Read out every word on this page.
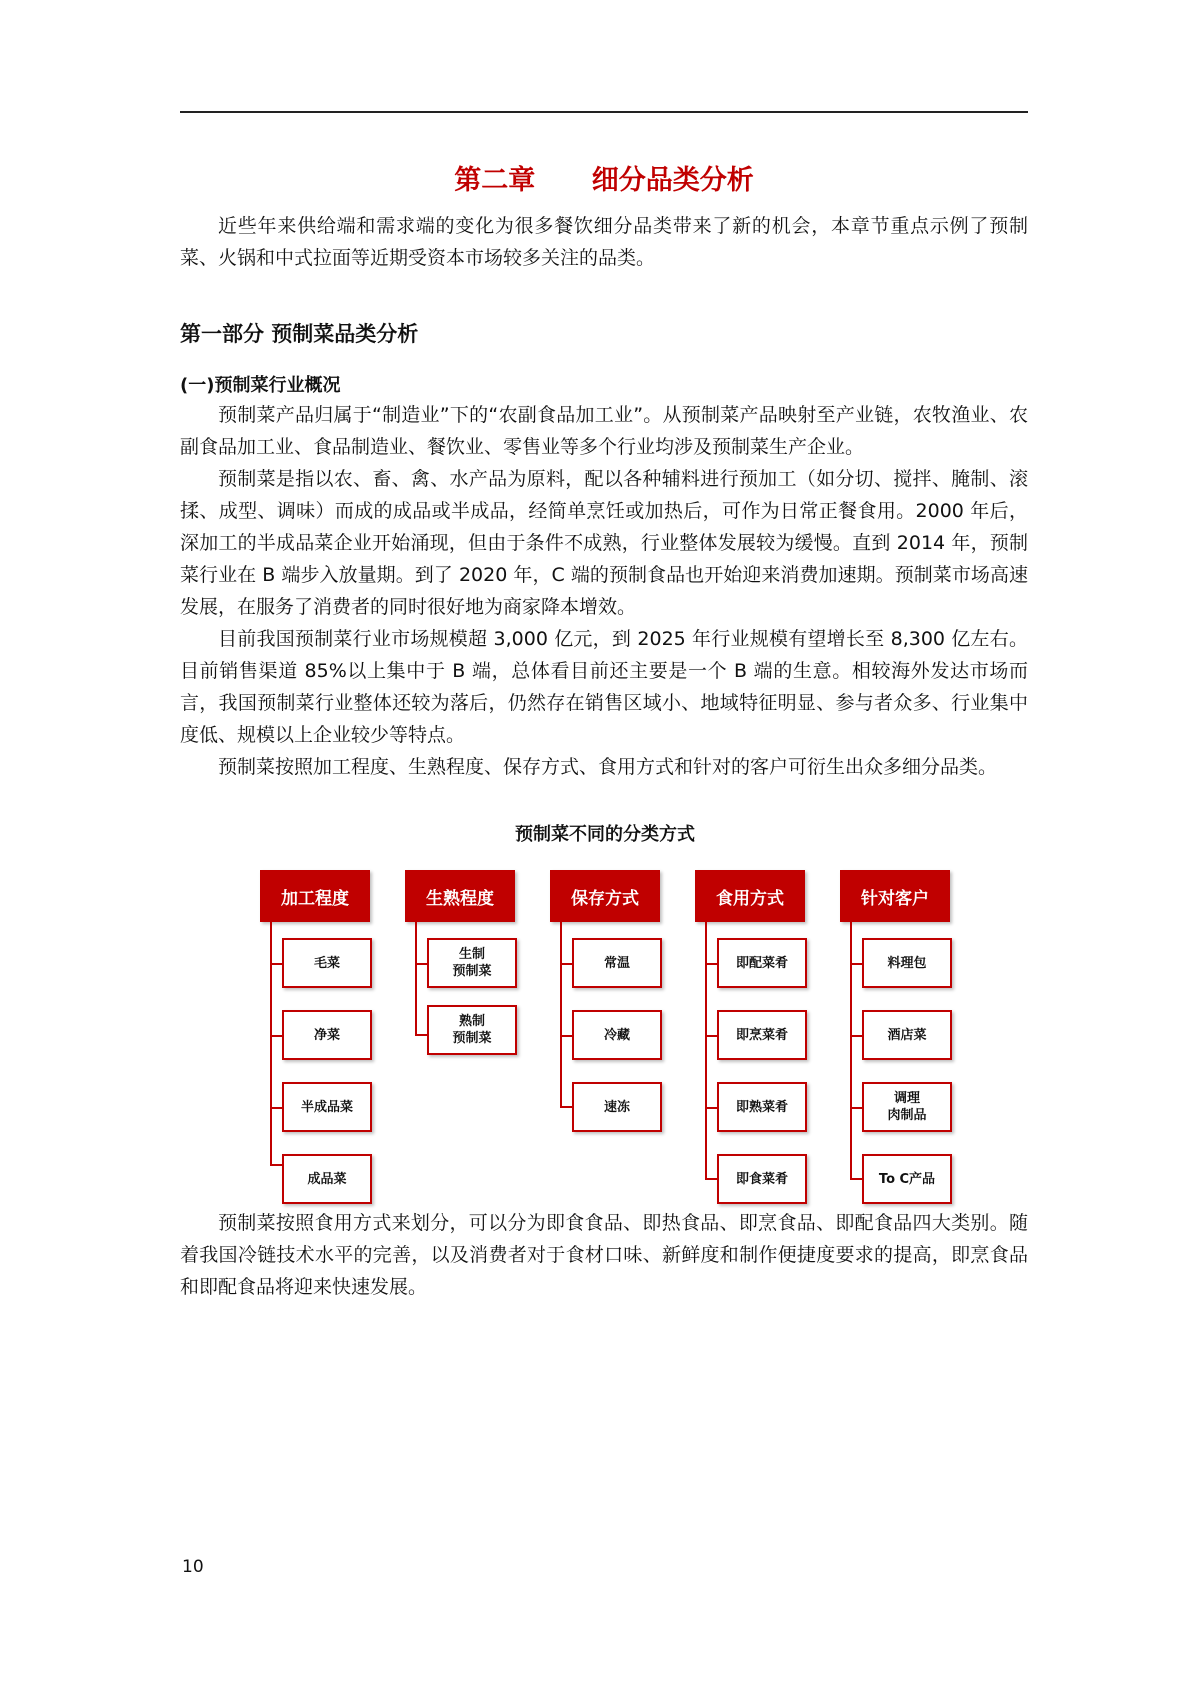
第二章      细分品类分析

近些年来供给端和需求端的变化为很多餐饮细分品类带来了新的机会，本章节重点示例了预制菜、火锅和中式拉面等近期受资本市场较多关注的品类。

第一部分 预制菜品类分析
(一)预制菜行业概况

预制菜产品归属于“制造业”下的“农副食品加工业”。从预制菜产品映射至产业链，农牧渔业、农副食品加工业、食品制造业、餐饮业、零售业等多个行业均涉及预制菜生产企业。

预制菜是指以农、畜、禽、水产品为原料，配以各种辅料进行预加工（如分切、搅拌、腌制、滚揉、成型、调味）而成的成品或半成品，经简单烹饪或加热后，可作为日常正餐食用。2000 年后，深加工的半成品菜企业开始涌现，但由于条件不成熟，行业整体发展较为缓慢。直到 2014 年，预制菜行业在 B 端步入放量期。到了 2020 年，C 端的预制食品也开始迎来消费加速期。预制菜市场高速发展，在服务了消费者的同时很好地为商家降本增效。

目前我国预制菜行业市场规模超 3,000 亿元，到 2025 年行业规模有望增长至 8,300 亿左右。目前销售渠道 85%以上集中于 B 端，总体看目前还主要是一个 B 端的生意。相较海外发达市场而言，我国预制菜行业整体还较为落后，仍然存在销售区域小、地域特征明显、参与者众多、行业集中度低、规模以上企业较少等特点。

预制菜按照加工程度、生熟程度、保存方式、食用方式和针对的客户可衍生出众多细分品类。

预制菜不同的分类方式
加工程度
毛菜
净菜
半成品菜
成品菜
生熟程度
生制
预制菜
熟制
预制菜
保存方式
常温
冷藏
速冻
食用方式
即配菜肴
即烹菜肴
即熟菜肴
即食菜肴
针对客户
料理包
酒店菜
调理
肉制品
To C产品

预制菜按照食用方式来划分，可以分为即食食品、即热食品、即烹食品、即配食品四大类别。随着我国冷链技术水平的完善，以及消费者对于食材口味、新鲜度和制作便捷度要求的提高，即烹食品和即配食品将迎来快速发展。

10
